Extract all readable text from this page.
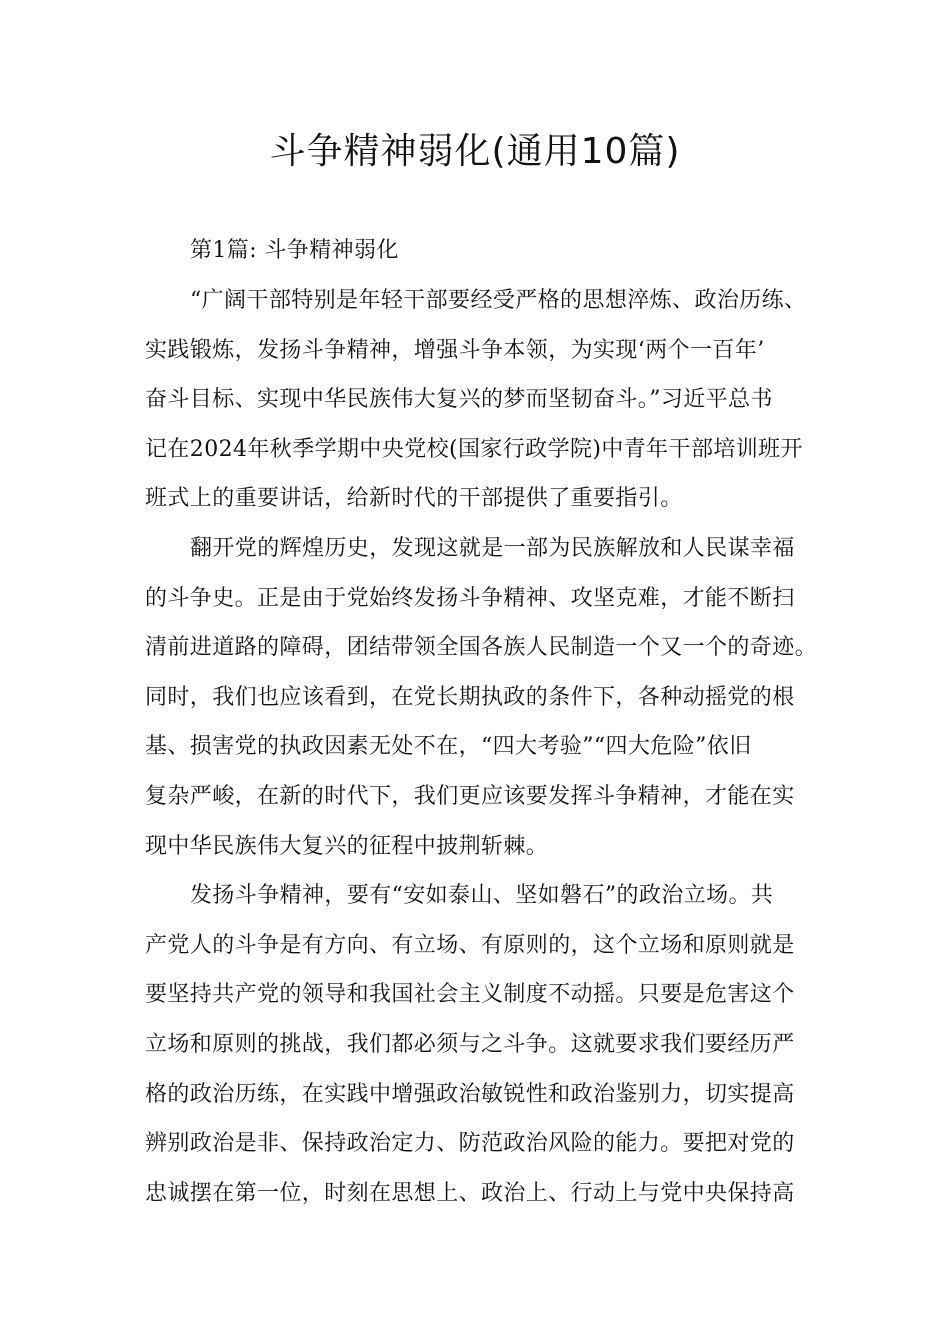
斗争精神弱化(通用10篇)
第1篇: 斗争精神弱化
“广阔干部特别是年轻干部要经受严格的思想淬炼、政治历练、
实践锻炼，发扬斗争精神，增强斗争本领，为实现‘两个一百年’
奋斗目标、实现中华民族伟大复兴的梦而坚韧奋斗。”习近平总书
记在2024年秋季学期中央党校(国家行政学院)中青年干部培训班开
班式上的重要讲话，给新时代的干部提供了重要指引。
翻开党的辉煌历史，发现这就是一部为民族解放和人民谋幸福
的斗争史。正是由于党始终发扬斗争精神、攻坚克难，才能不断扫
清前进道路的障碍，团结带领全国各族人民制造一个又一个的奇迹。
同时，我们也应该看到，在党长期执政的条件下，各种动摇党的根
基、损害党的执政因素无处不在，“四大考验”“四大危险”依旧
复杂严峻，在新的时代下，我们更应该要发挥斗争精神，才能在实
现中华民族伟大复兴的征程中披荆斩棘。
发扬斗争精神，要有“安如泰山、坚如磐石”的政治立场。共
产党人的斗争是有方向、有立场、有原则的，这个立场和原则就是
要坚持共产党的领导和我国社会主义制度不动摇。只要是危害这个
立场和原则的挑战，我们都必须与之斗争。这就要求我们要经历严
格的政治历练，在实践中增强政治敏锐性和政治鉴别力，切实提高
辨别政治是非、保持政治定力、防范政治风险的能力。要把对党的
忠诚摆在第一位，时刻在思想上、政治上、行动上与党中央保持高
